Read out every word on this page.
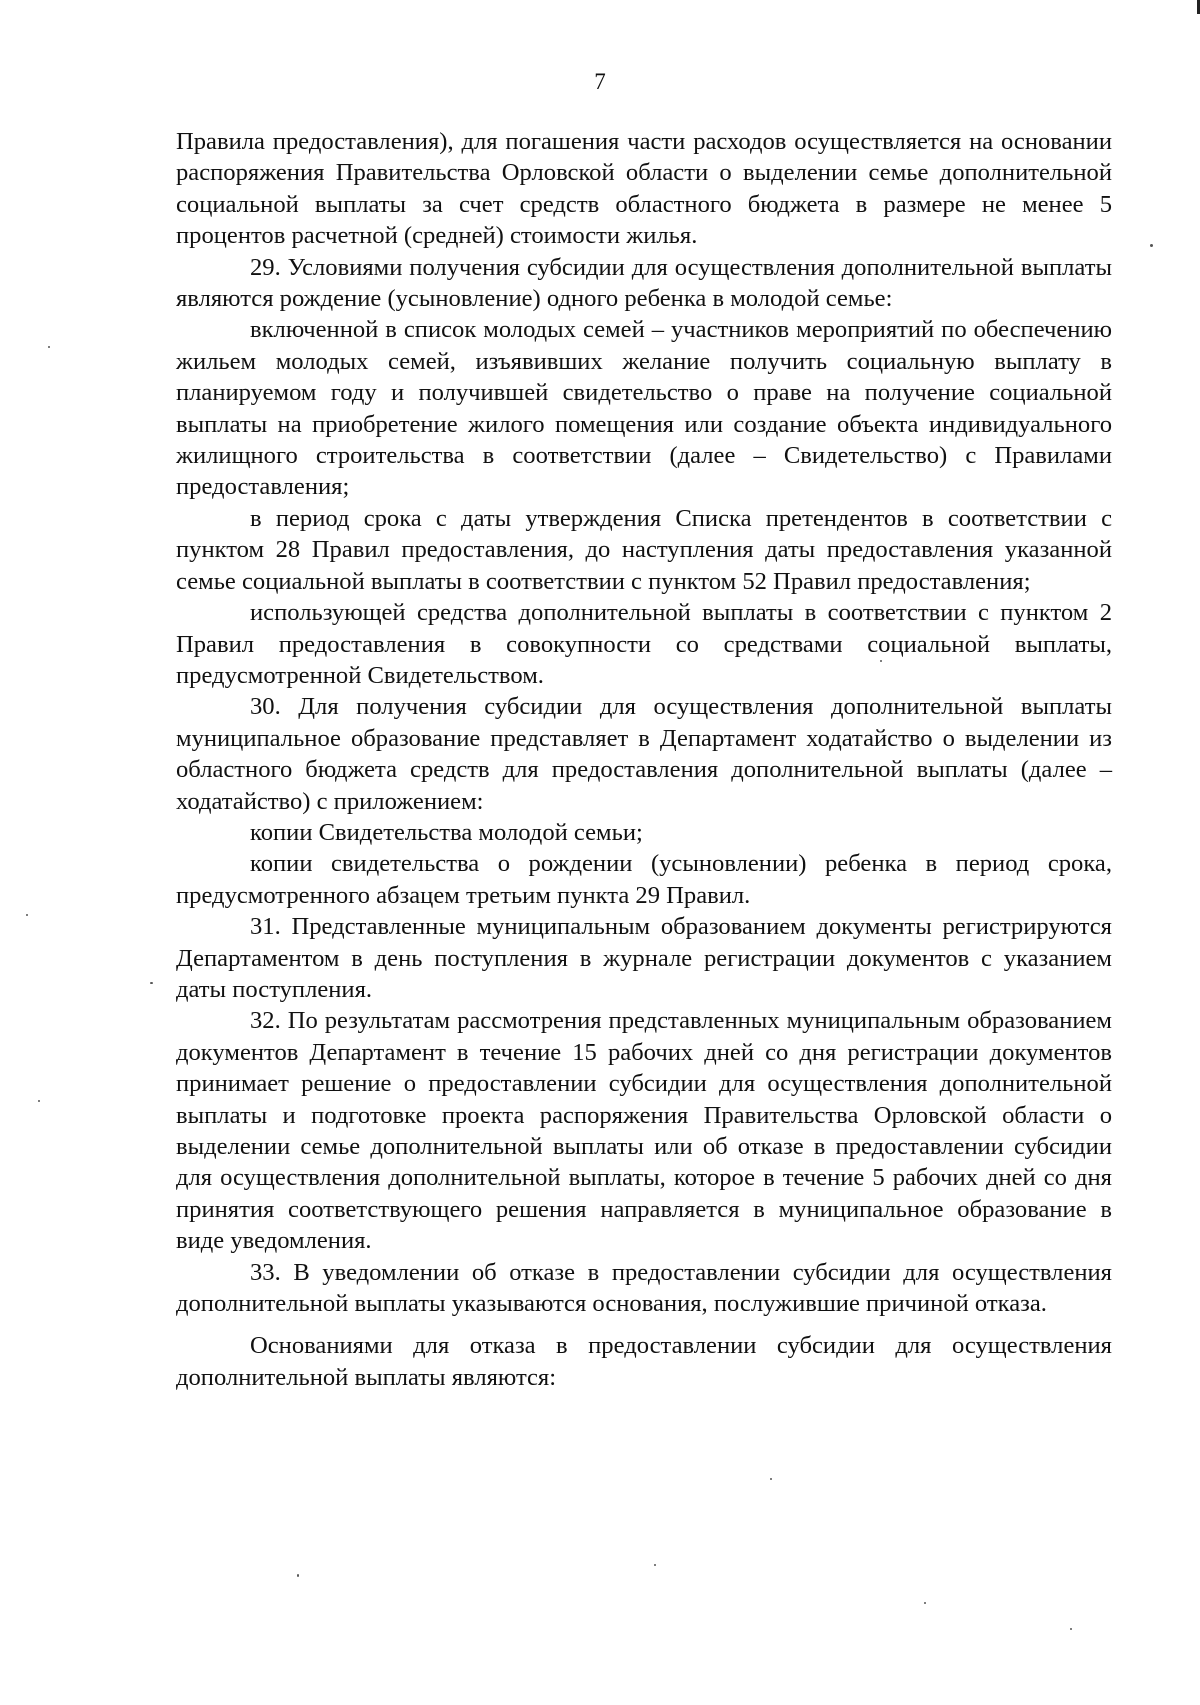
7

Правила предоставления), для погашения части расходов осуществляется на основании распоряжения Правительства Орловской области о выделении семье дополнительной социальной выплаты за счет средств областного бюджета в размере не менее 5 процентов расчетной (средней) стоимости жилья.

29. Условиями получения субсидии для осуществления дополнительной выплаты являются рождение (усыновление) одного ребенка в молодой семье:

включенной в список молодых семей – участников мероприятий по обеспечению жильем молодых семей, изъявивших желание получить социальную выплату в планируемом году и получившей свидетельство о праве на получение социальной выплаты на приобретение жилого помещения или создание объекта индивидуального жилищного строительства в соответствии (далее – Свидетельство) с Правилами предоставления;

в период срока с даты утверждения Списка претендентов в соответствии с пунктом 28 Правил предоставления, до наступления даты предоставления указанной семье социальной выплаты в соответствии с пунктом 52 Правил предоставления;

использующей средства дополнительной выплаты в соответствии с пунктом 2 Правил предоставления в совокупности со средствами социальной выплаты, предусмотренной Свидетельством.

30. Для получения субсидии для осуществления дополнительной выплаты муниципальное образование представляет в Департамент ходатайство о выделении из областного бюджета средств для предоставления дополнительной выплаты (далее – ходатайство) с приложением:

копии Свидетельства молодой семьи;

копии свидетельства о рождении (усыновлении) ребенка в период срока, предусмотренного абзацем третьим пункта 29 Правил.

31. Представленные муниципальным образованием документы регистрируются Департаментом в день поступления в журнале регистрации документов с указанием даты поступления.

32. По результатам рассмотрения представленных муниципальным образованием документов Департамент в течение 15 рабочих дней со дня регистрации документов принимает решение о предоставлении субсидии для осуществления дополнительной выплаты и подготовке проекта распоряжения Правительства Орловской области о выделении семье дополнительной выплаты или об отказе в предоставлении субсидии для осуществления дополнительной выплаты, которое в течение 5 рабочих дней со дня принятия соответствующего решения направляется в муниципальное образование в виде уведомления.

33. В уведомлении об отказе в предоставлении субсидии для осуществления дополнительной выплаты указываются основания, послужившие причиной отказа.

Основаниями для отказа в предоставлении субсидии для осуществления дополнительной выплаты являются:
